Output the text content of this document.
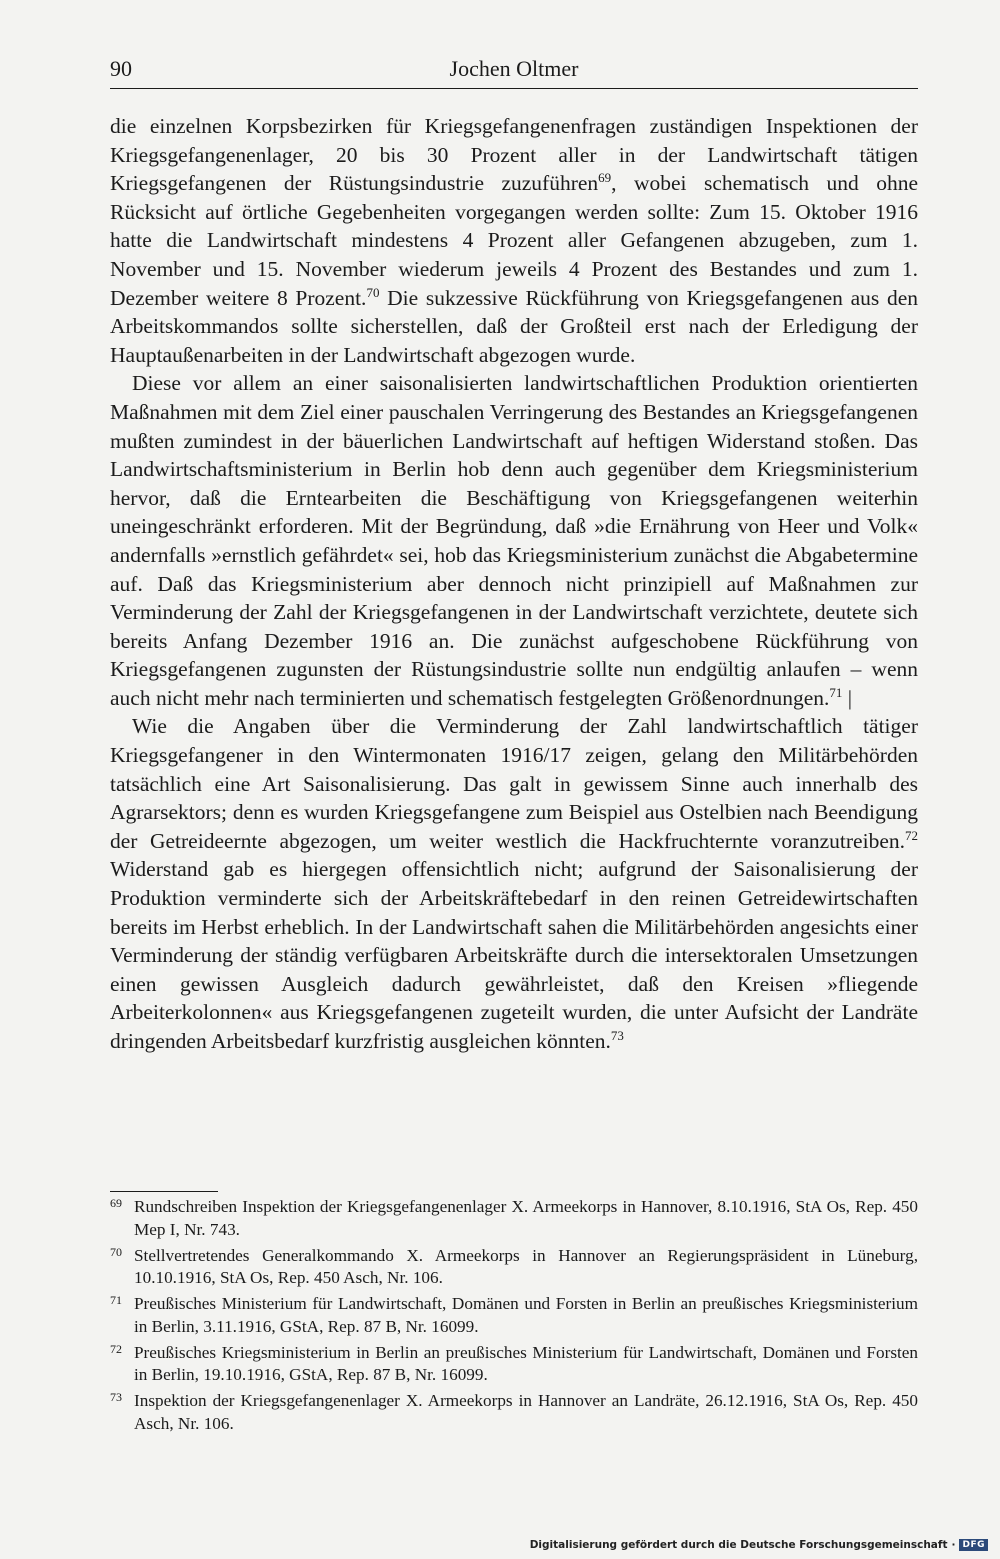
90	Jochen Oltmer

die einzelnen Korpsbezirken für Kriegsgefangenenfragen zuständigen Inspektionen der Kriegsgefangenenlager, 20 bis 30 Prozent aller in der Landwirtschaft tätigen Kriegsgefangenen der Rüstungsindustrie zuzuführen$^{69}$, wobei schematisch und ohne Rücksicht auf örtliche Gegebenheiten vorgegangen werden sollte: Zum 15. Oktober 1916 hatte die Landwirtschaft mindestens 4 Prozent aller Gefangenen abzugeben, zum 1. November und 15. November wiederum jeweils 4 Prozent des Bestandes und zum 1. Dezember weitere 8 Prozent.$^{70}$ Die sukzessive Rückführung von Kriegsgefangenen aus den Arbeitskommandos sollte sicherstellen, daß der Großteil erst nach der Erledigung der Hauptaußenarbeiten in der Landwirtschaft abgezogen wurde.

Diese vor allem an einer saisonalisierten landwirtschaftlichen Produktion orientierten Maßnahmen mit dem Ziel einer pauschalen Verringerung des Bestandes an Kriegsgefangenen mußten zumindest in der bäuerlichen Landwirtschaft auf heftigen Widerstand stoßen. Das Landwirtschaftsministerium in Berlin hob denn auch gegenüber dem Kriegsministerium hervor, daß die Erntearbeiten die Beschäftigung von Kriegsgefangenen weiterhin uneingeschränkt erforderen. Mit der Begründung, daß »die Ernährung von Heer und Volk« andernfalls »ernstlich gefährdet« sei, hob das Kriegsministerium zunächst die Abgabetermine auf. Daß das Kriegsministerium aber dennoch nicht prinzipiell auf Maßnahmen zur Verminderung der Zahl der Kriegsgefangenen in der Landwirtschaft verzichtete, deutete sich bereits Anfang Dezember 1916 an. Die zunächst aufgeschobene Rückführung von Kriegsgefangenen zugunsten der Rüstungsindustrie sollte nun endgültig anlaufen – wenn auch nicht mehr nach terminierten und schematisch festgelegten Größenordnungen.$^{71}$ |

Wie die Angaben über die Verminderung der Zahl landwirtschaftlich tätiger Kriegsgefangener in den Wintermonaten 1916/17 zeigen, gelang den Militärbehörden tatsächlich eine Art Saisonalisierung. Das galt in gewissem Sinne auch innerhalb des Agrarsektors; denn es wurden Kriegsgefangene zum Beispiel aus Ostelbien nach Beendigung der Getreideernte abgezogen, um weiter westlich die Hackfruchternte voranzutreiben.$^{72}$ Widerstand gab es hiergegen offensichtlich nicht; aufgrund der Saisonalisierung der Produktion verminderte sich der Arbeitskräftebedarf in den reinen Getreidewirtschaften bereits im Herbst erheblich. In der Landwirtschaft sahen die Militärbehörden angesichts einer Verminderung der ständig verfügbaren Arbeitskräfte durch die intersektoralen Umsetzungen einen gewissen Ausgleich dadurch gewährleistet, daß den Kreisen »fliegende Arbeiterkolonnen« aus Kriegsgefangenen zugeteilt wurden, die unter Aufsicht der Landräte dringenden Arbeitsbedarf kurzfristig ausgleichen könnten.$^{73}$

69 Rundschreiben Inspektion der Kriegsgefangenenlager X. Armeekorps in Hannover, 8.10.1916, StA Os, Rep. 450 Mep I, Nr. 743.
70 Stellvertretendes Generalkommando X. Armeekorps in Hannover an Regierungspräsident in Lüneburg, 10.10.1916, StA Os, Rep. 450 Asch, Nr. 106.
71 Preußisches Ministerium für Landwirtschaft, Domänen und Forsten in Berlin an preußisches Kriegsministerium in Berlin, 3.11.1916, GStA, Rep. 87 B, Nr. 16099.
72 Preußisches Kriegsministerium in Berlin an preußisches Ministerium für Landwirtschaft, Domänen und Forsten in Berlin, 19.10.1916, GStA, Rep. 87 B, Nr. 16099.
73 Inspektion der Kriegsgefangenenlager X. Armeekorps in Hannover an Landräte, 26.12.1916, StA Os, Rep. 450 Asch, Nr. 106.
Digitalisierung gefördert durch die Deutsche Forschungsgemeinschaft · DFG
